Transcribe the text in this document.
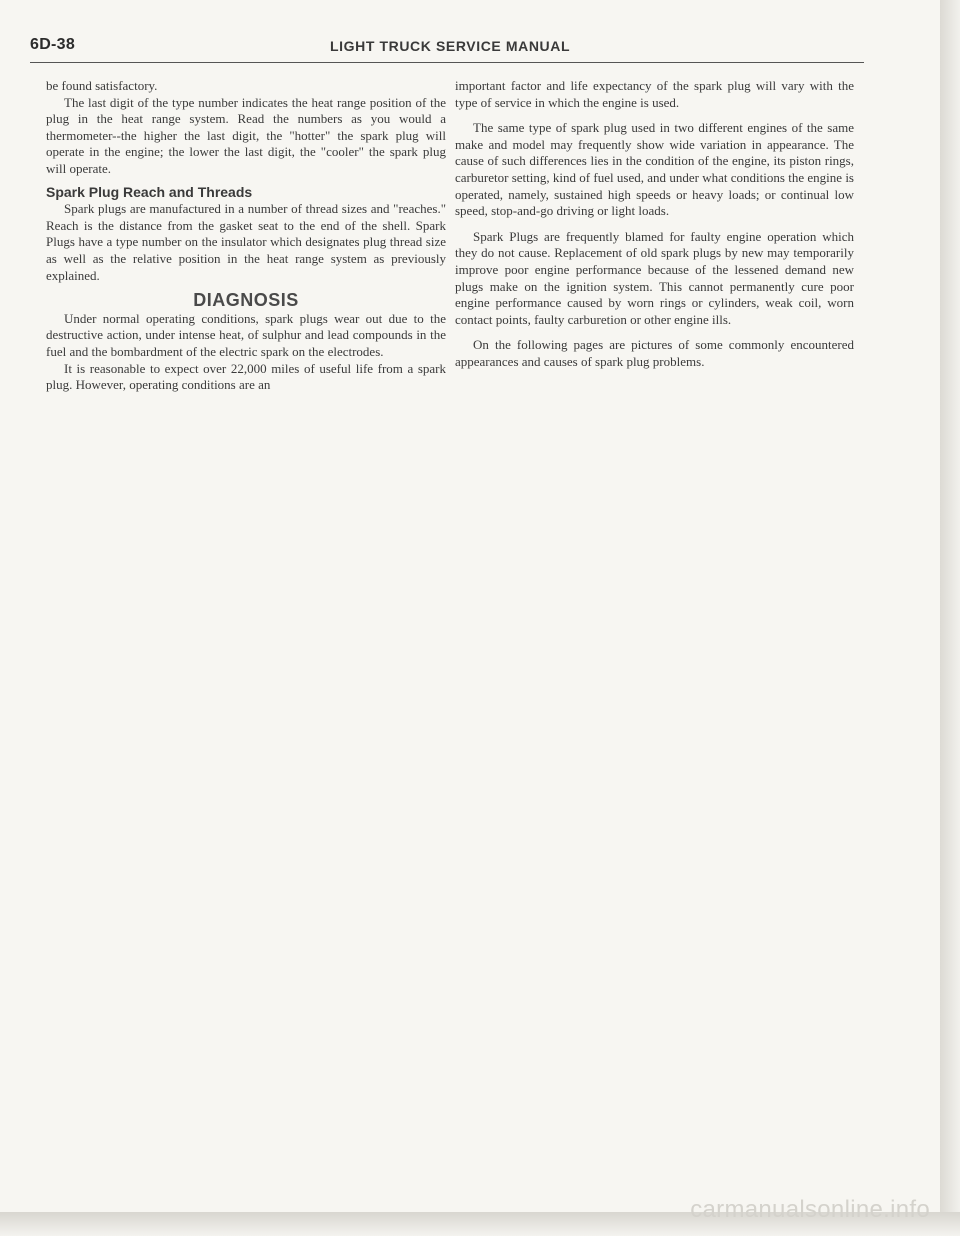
6D-38	LIGHT TRUCK SERVICE MANUAL

be found satisfactory.

The last digit of the type number indicates the heat range position of the plug in the heat range system. Read the numbers as you would a thermometer--the higher the last digit, the "hotter" the spark plug will operate in the engine; the lower the last digit, the "cooler" the spark plug will operate.

Spark Plug Reach and Threads

Spark plugs are manufactured in a number of thread sizes and "reaches." Reach is the distance from the gasket seat to the end of the shell. Spark Plugs have a type number on the insulator which designates plug thread size as well as the relative position in the heat range system as previously explained.

DIAGNOSIS

Under normal operating conditions, spark plugs wear out due to the destructive action, under intense heat, of sulphur and lead compounds in the fuel and the bombardment of the electric spark on the electrodes.

It is reasonable to expect over 22,000 miles of useful life from a spark plug. However, operating conditions are an

important factor and life expectancy of the spark plug will vary with the type of service in which the engine is used.

The same type of spark plug used in two different engines of the same make and model may frequently show wide variation in appearance. The cause of such differences lies in the condition of the engine, its piston rings, carburetor setting, kind of fuel used, and under what conditions the engine is operated, namely, sustained high speeds or heavy loads; or continual low speed, stop-and-go driving or light loads.

Spark Plugs are frequently blamed for faulty engine operation which they do not cause. Replacement of old spark plugs by new may temporarily improve poor engine performance because of the lessened demand new plugs make on the ignition system. This cannot permanently cure poor engine performance caused by worn rings or cylinders, weak coil, worn contact points, faulty carburetion or other engine ills.

On the following pages are pictures of some commonly encountered appearances and causes of spark plug problems.

carmanualsonline.info
